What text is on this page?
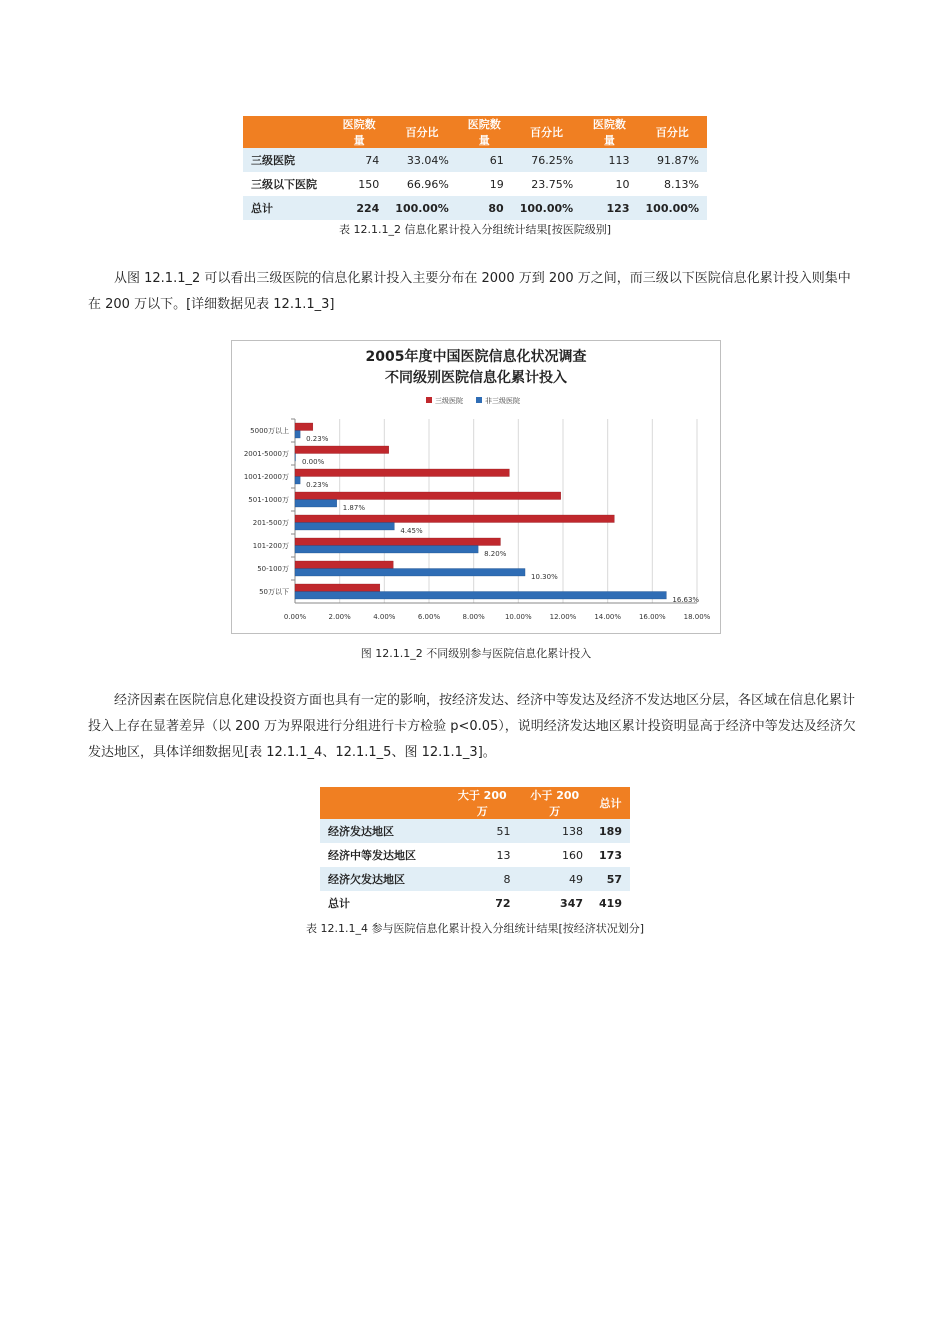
	医院数量	百分比	医院数量	百分比	医院数量	百分比
三级医院	74	33.04%	61	76.25%	113	91.87%
三级以下医院	150	66.96%	19	23.75%	10	8.13%
总计	224	100.00%	80	100.00%	123	100.00%
表 12.1.1_2 信息化累计投入分组统计结果[按医院级别]

从图 12.1.1_2 可以看出三级医院的信息化累计投入主要分布在 2000 万到 200 万之间，而三级以下医院信息化累计投入则集中在 200 万以下。[详细数据见表 12.1.1_3]

2005年度中国医院信息化状况调查
不同级别医院信息化累计投入
三级医院	非三级医院
0.00%	2.00%	4.00%	6.00%	8.00%	10.00%	12.00%	14.00%	16.00%	18.00%
5000万以上
0.23%
2001-5000万
0.00%
1001-2000万
0.23%
501-1000万
1.87%
201-500万
4.45%
101-200万
8.20%
50-100万
10.30%
50万以下
16.63%
图 12.1.1_2 不同级别参与医院信息化累计投入

经济因素在医院信息化建设投资方面也具有一定的影响，按经济发达、经济中等发达及经济不发达地区分层，各区域在信息化累计投入上存在显著差异（以 200 万为界限进行分组进行卡方检验 p<0.05），说明经济发达地区累计投资明显高于经济中等发达及经济欠发达地区，具体详细数据见[表 12.1.1_4、12.1.1_5、图 12.1.1_3]。

	大于 200 万	小于 200 万	总计
经济发达地区	51	138	189
经济中等发达地区	13	160	173
经济欠发达地区	8	49	57
总计	72	347	419
表 12.1.1_4 参与医院信息化累计投入分组统计结果[按经济状况划分]
